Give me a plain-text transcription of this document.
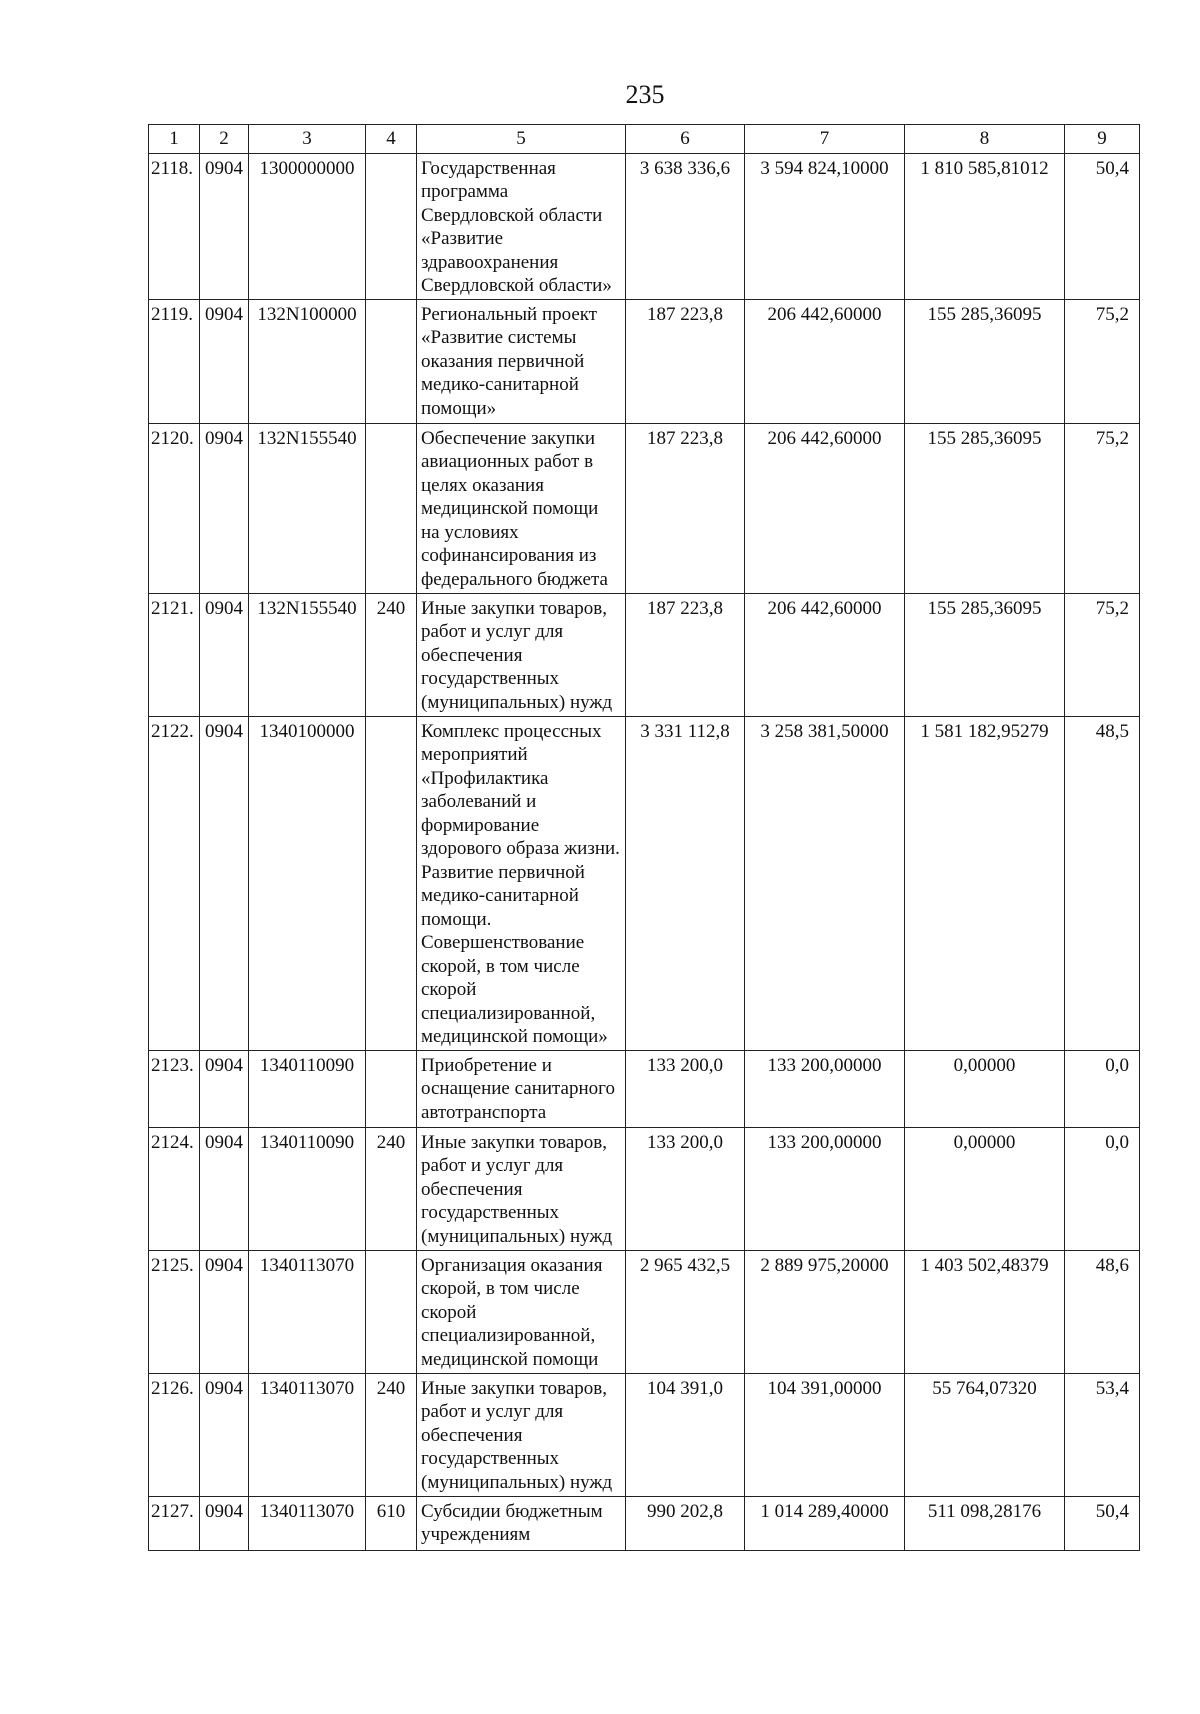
235
1	2	3	4	5	6	7	8	9
2118.	0904	1300000000		Государственная программа Свердловской области «Развитие здравоохранения Свердловской области»	3 638 336,6	3 594 824,10000	1 810 585,81012	50,4
2119.	0904	132N100000		Региональный проект «Развитие системы оказания первичной медико-санитарной помощи»	187 223,8	206 442,60000	155 285,36095	75,2
2120.	0904	132N155540		Обеспечение закупки авиационных работ в целях оказания медицинской помощи на условиях софинансирования из федерального бюджета	187 223,8	206 442,60000	155 285,36095	75,2
2121.	0904	132N155540	240	Иные закупки товаров, работ и услуг для обеспечения государственных (муниципальных) нужд	187 223,8	206 442,60000	155 285,36095	75,2
2122.	0904	1340100000		Комплекс процессных мероприятий «Профилактика заболеваний и формирование здорового образа жизни. Развитие первичной медико-санитарной помощи. Совершенствование скорой, в том числе скорой специализированной, медицинской помощи»	3 331 112,8	3 258 381,50000	1 581 182,95279	48,5
2123.	0904	1340110090		Приобретение и оснащение санитарного автотранспорта	133 200,0	133 200,00000	0,00000	0,0
2124.	0904	1340110090	240	Иные закупки товаров, работ и услуг для обеспечения государственных (муниципальных) нужд	133 200,0	133 200,00000	0,00000	0,0
2125.	0904	1340113070		Организация оказания скорой, в том числе скорой специализированной, медицинской помощи	2 965 432,5	2 889 975,20000	1 403 502,48379	48,6
2126.	0904	1340113070	240	Иные закупки товаров, работ и услуг для обеспечения государственных (муниципальных) нужд	104 391,0	104 391,00000	55 764,07320	53,4
2127.	0904	1340113070	610	Субсидии бюджетным учреждениям	990 202,8	1 014 289,40000	511 098,28176	50,4
